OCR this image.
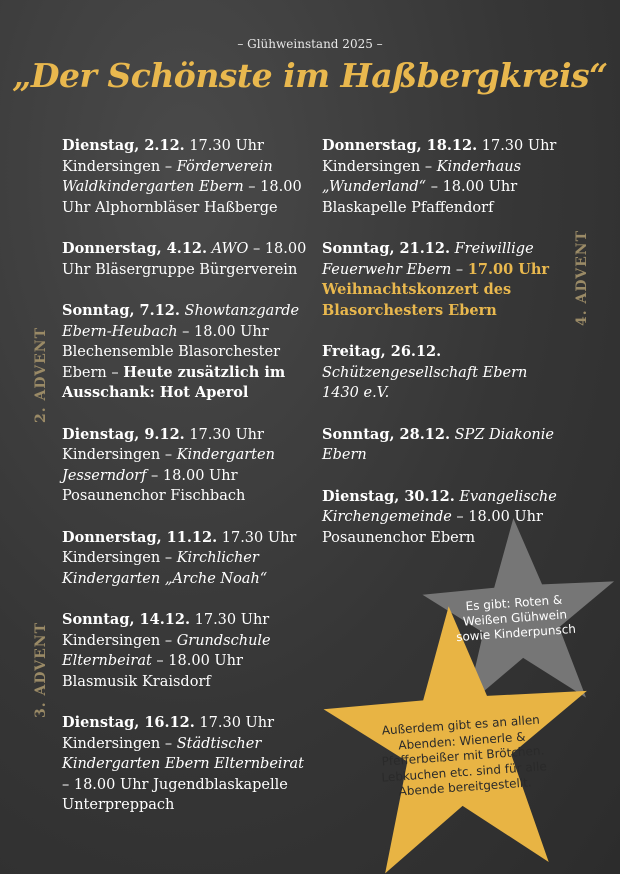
– Glühweinstand 2025 –
„Der Schönste im Haßbergkreis“
2. ADVENT
3. ADVENT
4. ADVENT
Dienstag, 2.12. 17.30 Uhr Kindersingen – Förderverein Waldkindergarten Ebern – 18.00 Uhr Alphornbläser Haßberge
Donnerstag, 4.12. AWO – 18.00 Uhr Bläsergruppe Bürgerverein
Sonntag, 7.12. Showtanzgarde Ebern-Heubach – 18.00 Uhr Blechensemble Blasorchester Ebern – Heute zusätzlich im Ausschank: Hot Aperol
Dienstag, 9.12. 17.30 Uhr Kindersingen – Kindergarten Jesserndorf – 18.00 Uhr Posaunenchor Fischbach
Donnerstag, 11.12. 17.30 Uhr Kindersingen – Kirchlicher Kindergarten „Arche Noah“
Sonntag, 14.12. 17.30 Uhr Kindersingen – Grundschule Elternbeirat – 18.00 Uhr Blasmusik Kraisdorf
Dienstag, 16.12. 17.30 Uhr Kindersingen – Städtischer Kindergarten Ebern Elternbeirat – 18.00 Uhr Jugendblaskapelle Unterpreppach
Donnerstag, 18.12. 17.30 Uhr Kindersingen – Kinderhaus „Wunderland“ – 18.00 Uhr Blaskapelle Pfaffendorf
Sonntag, 21.12. Freiwillige Feuerwehr Ebern – 17.00 Uhr Weihnachtskonzert des Blasorchesters Ebern
Freitag, 26.12. Schützengesellschaft Ebern 1430 e.V.
Sonntag, 28.12. SPZ Diakonie Ebern
Dienstag, 30.12. Evangelische Kirchengemeinde – 18.00 Uhr Posaunenchor Ebern
Es gibt: Roten & Weißen Glühwein sowie Kinderpunsch
Außerdem gibt es an allen Abenden: Wienerle & Pfefferbeißer mit Brötchen. Lebkuchen etc. sind für alle Abende bereitgestellt.
